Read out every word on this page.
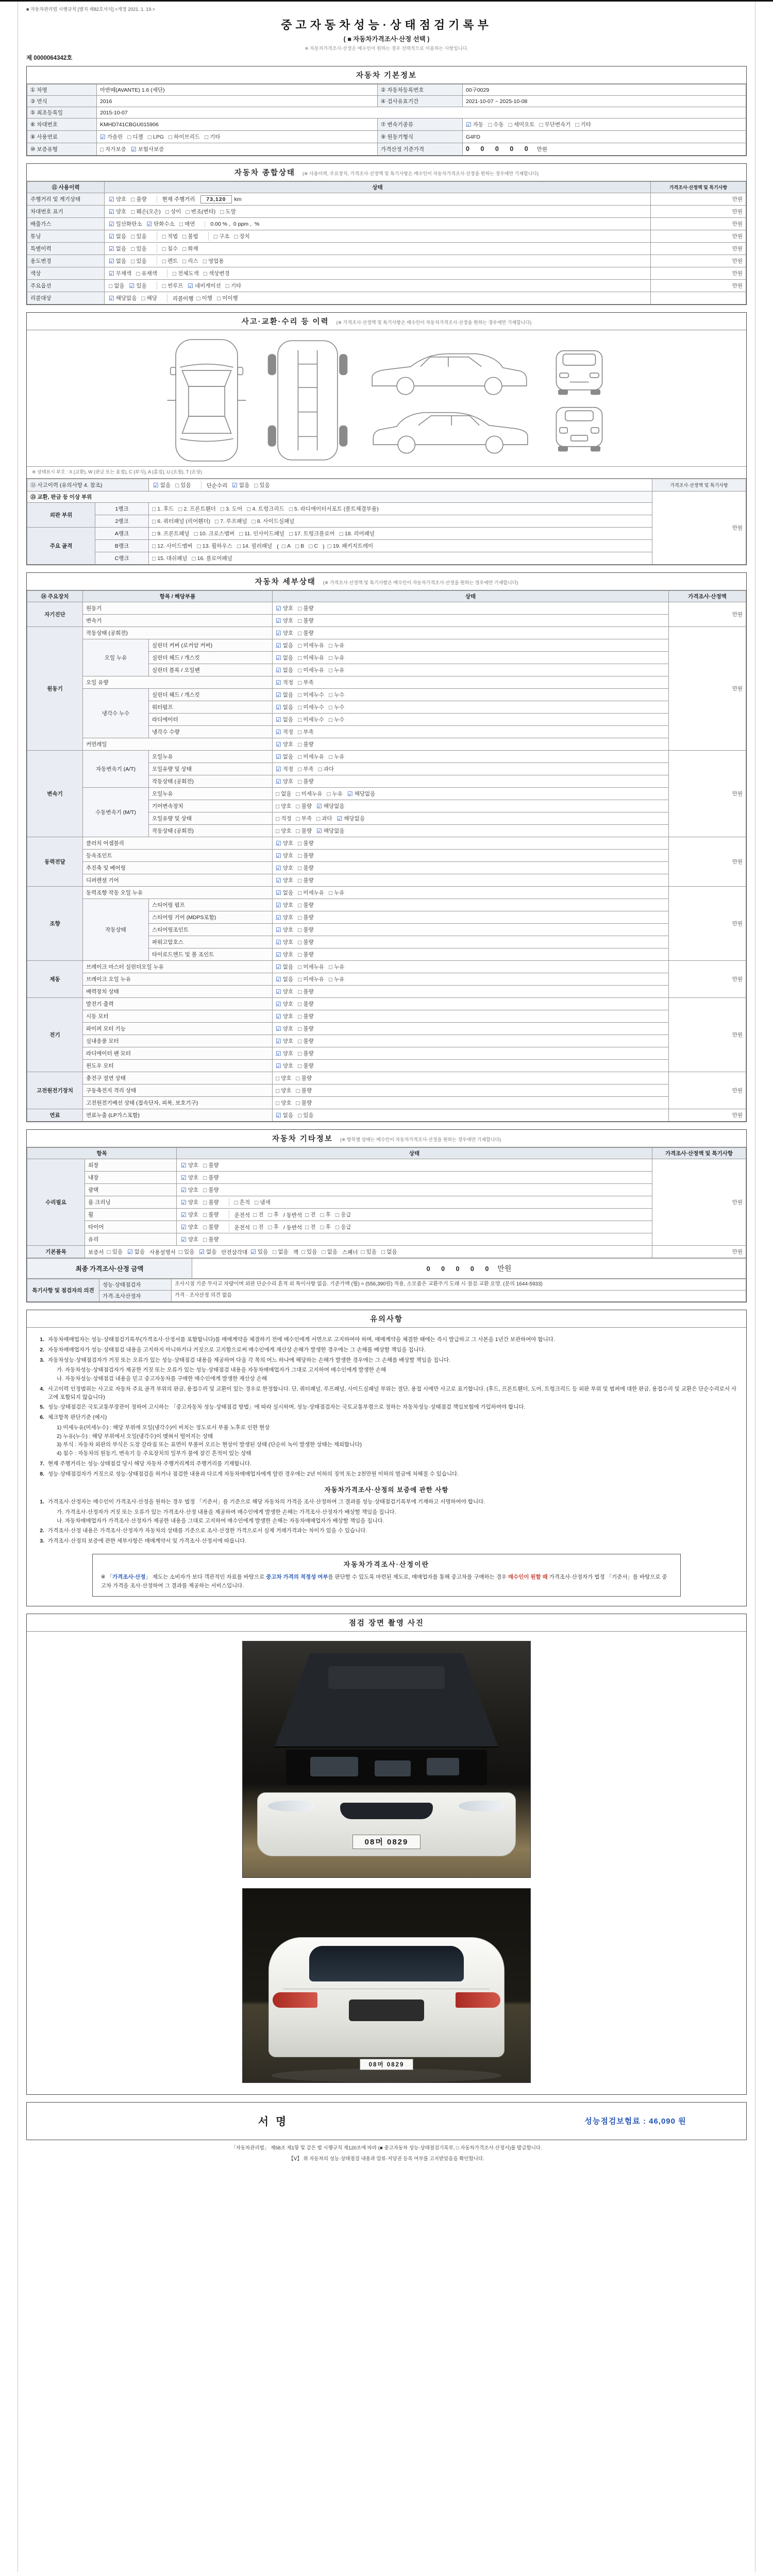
■ 자동차관리법 시행규칙 [별지 제82호서식] <개정 2021. 1. 19.>
중고자동차성능·상태점검기록부
( ■ 자동차가격조사·산정 선택 )
※ 자동차가격조사·산정은 매수인이 원하는 경우 선택적으로 이용하는 사항입니다.
제 0000064342호
자동차 기본정보
① 차명	아반떼(AVANTE) 1.6 (세단)	② 자동차등록번호	00구0029
③ 연식	2016	④ 검사유효기간	2021-10-07 ~ 2025-10-08
⑤ 최초등록일	2015-10-07		
⑥ 차대번호	KMHD741CBGU015906	⑦ 변속기종류	☑ 자동 □ 수동 □ 세미오토 □ 무단변속기 □ 기타
⑧ 사용연료	☑ 가솔린 □ 디젤 □ LPG □ 하이브리드 □ 기타	⑨ 원동기형식	G4FD
⑩ 보증유형	□ 자가보증 ☑ 보험사보증	가격산정 기준가격	0 0 0 0 0 만원
자동차 종합상태 (※ 사용이력, 주요장치, 가격조사·산정액 및 특기사항은 매수인이 자동차가격조사·산정을 원하는 경우에만 기재합니다)
⑪ 사용이력	상태	가격조사·산정액 및 특기사항
주행거리 및 계기상태	☑ 양호 □ 불량 현재 주행거리 73,120 km	만원
차대번호 표기	☑ 양호 □ 훼손(오손) □ 상이 □ 변조(변타) □ 도말	만원
배출가스	☑ 일산화탄소 ☑ 탄화수소 □ 매연	0.00 % , 0 ppm , %	만원
튜닝	☑ 없음 □ 있음	□ 적법 □ 불법	□ 구조 □ 장치	만원
특별이력	☑ 없음 □ 있음	□ 침수 □ 화재	만원
용도변경	☑ 없음 □ 있음	□ 렌트 □ 리스 □ 영업용	만원
색상	☑ 무채색 □ 유채색	□ 전체도색 □ 색상변경	만원
주요옵션	□ 없음 ☑ 있음	□ 썬루프 ☑ 네비게이션 □ 기타	만원
리콜대상	☑ 해당없음 □ 해당	리콜이행 □ 이행 □ 미이행

사고·교환·수리 등 이력 (※ 가격조사·산정액 및 특기사항은 매수인이 자동차가격조사·산정을 원하는 경우에만 기재합니다)
※ 상태표시 부호 : X (교환), W (판금 또는 용접), C (부식), A (흠집), U (요철), T (손상)
⑫ 사고이력 (유의사항 4. 참조)	☑ 없음 □ 있음	단순수리 ☑ 없음 □ 있음	가격조사·산정액 및 특기사항
⑬ 교환, 판금 등 이상 부위			만원
외판 부위	1랭크	□ 1. 후드 □ 2. 프론트휀더 □ 3. 도어 □ 4. 트렁크리드 □ 5. 라디에이터서포트 (볼트체결부품)
2랭크	□ 6. 쿼터패널 (리어휀더) □ 7. 루프패널 □ 8. 사이드실패널
주요 골격	A랭크	□ 9. 프론트패널 □ 10. 크로스멤버 □ 11. 인사이드패널 □ 17. 트렁크플로어 □ 18. 리어패널
B랭크	□ 12. 사이드멤버 □ 13. 휠하우스 □ 14. 필러패널 ( □ A □ B □ C ) □ 19. 패키지트레이
	C랭크	□ 15. 대쉬패널 □ 16. 플로어패널	
자동차 세부상태 (※ 가격조사·산정액 및 특기사항은 매수인이 자동차가격조사·산정을 원하는 경우에만 기재합니다)
⑭ 주요장치	항목 / 해당부품		상태	가격조사·산정액
자기진단	원동기		☑ 양호 □ 불량	만원
	변속기		☑ 양호 □ 불량	
원동기	작동상태 (공회전)		☑ 양호 □ 불량	만원
오일 누유	실린더 커버 (로커암 커버)	☑ 없음 □ 미세누유 □ 누유
실린더 헤드 / 개스킷	☑ 없음 □ 미세누유 □ 누유
실린더 블록 / 오일팬	☑ 없음 □ 미세누유 □ 누유
	오일 유량		☑ 적정 □ 부족	
냉각수 누수	실린더 헤드 / 개스킷	☑ 없음 □ 미세누수 □ 누수
워터펌프	☑ 없음 □ 미세누수 □ 누수
라디에이터	☑ 없음 □ 미세누수 □ 누수
		냉각수 수량	☑ 적정 □ 부족	
	커먼레일		☑ 양호 □ 불량	
변속기	자동변속기 (A/T)	오일누유	☑ 없음 □ 미세누유 □ 누유	만원
오일유량 및 상태	☑ 적정 □ 부족 □ 과다
		작동상태 (공회전)	☑ 양호 □ 불량	
수동변속기 (M/T)	오일누유	□ 없음 □ 미세누유 □ 누유 ☑ 해당없음
기어변속장치	□ 양호 □ 불량 ☑ 해당없음
오일유량 및 상태	□ 적정 □ 부족 □ 과다 ☑ 해당없음
작동상태 (공회전)	□ 양호 □ 불량 ☑ 해당없음
동력전달	클러치 어셈블리		☑ 양호 □ 불량	만원
	등속조인트		☑ 양호 □ 불량	
	추진축 및 베어링		☑ 양호 □ 불량	
	디퍼렌셜 기어		☑ 양호 □ 불량	
조향	동력조향 작동 오일 누유	☑ 없음 □ 미세누유 □ 누유	만원
	작동상태	스티어링 펌프	☑ 양호 □ 불량	
		스티어링 기어 (MDPS포함)	☑ 양호 □ 불량	
		스티어링조인트	☑ 양호 □ 불량	
		파워고압호스	☑ 양호 □ 불량	
		타이로드엔드 및 볼 조인트	☑ 양호 □ 불량	
제동	브레이크 마스터 실린더오일 누유	☑ 없음 □ 미세누유 □ 누유	만원
브레이크 오일 누유	☑ 없음 □ 미세누유 □ 누유
	배력장치 상태		☑ 양호 □ 불량	
전기	발전기 출력		☑ 양호 □ 불량	만원
	시동 모터		☑ 양호 □ 불량	
	와이퍼 모터 기능		☑ 양호 □ 불량	
	실내송풍 모터		☑ 양호 □ 불량	
	라디에이터 팬 모터		☑ 양호 □ 불량	
	윈도우 모터		☑ 양호 □ 불량	
고전원전기장치	충전구 절연 상태		□ 양호 □ 불량	만원
	구동축전지 격리 상태		□ 양호 □ 불량	
	고전원전기배선 상태 (접속단자, 피복, 보호기구)		□ 양호 □ 불량	
연료	연료누출 (LP가스포함)		☑ 없음 □ 있음	만원
자동차 기타정보 (※ 항목별 상태는 매수인이 자동차가격조사·산정을 원하는 경우에만 기재합니다)
항목		상태	가격조사·산정액 및 특기사항
수리필요	외장	☑ 양호 □ 불량	만원
	내장	☑ 양호 □ 불량	

	광택	☑ 양호 □ 불량	

룸 크리닝	☑ 양호 □ 불량	□ 흔적 □ 냄새

휠	☑ 양호 □ 불량	운전석 □ 전 □ 후 / 동반석 □ 전 □ 후 □ 응급

타이어	☑ 양호 □ 불량	운전석 □ 전 □ 후 / 동반석 □ 전 □ 후 □ 응급

	유리	☑ 양호 □ 불량	

기본품목	보증서 □ 있음 ☑ 없음 사용설명서 □ 있음 ☑ 없음 안전삼각대 ☑ 있음 □ 없음 잭 □ 있음 □ 없음 스패너 □ 있음 □ 없음	만원
최종 가격조사·산정 금액	0 0 0 0 0 만원
특기사항 및 점검자의 의견	성능·상태점검자	조사시점 기준 무사고 차량이며 외판 단순수리 흔적 외 특이사항 없음. 기준가액 (월) = (556,390원) 적용, 소모품은 교환주기 도래 시 점검·교환 요망. (문의 1644-5933)
	가격·조사산정자	가격 · 조사산정 의견 없음
유의사항
1. 자동차매매업자는 성능·상태점검기록부(가격조사·산정서를 포함합니다)를 매매계약을 체결하기 전에 매수인에게 서면으로 고지하여야 하며, 매매계약을 체결한 때에는 즉시 발급하고 그 사본을 1년간 보관하여야 합니다.
2. 자동차매매업자가 성능·상태점검 내용을 고지하지 아니하거나 거짓으로 고지함으로써 매수인에게 재산상 손해가 발생한 경우에는 그 손해를 배상할 책임을 집니다.
3. 자동차성능·상태점검자가 거짓 또는 오류가 있는 성능·상태점검 내용을 제공하여 다음 각 목의 어느 하나에 해당하는 손해가 발생한 경우에는 그 손해를 배상할 책임을 집니다.
가. 자동차성능·상태점검자가 제공한 거짓 또는 오류가 있는 성능·상태점검 내용을 자동차매매업자가 그대로 고지하여 매수인에게 발생한 손해
나. 자동차성능·상태점검 내용을 믿고 중고자동차를 구매한 매수인에게 발생한 재산상 손해
4. 사고이력 인정범위는 사고로 자동차 주요 골격 부위의 판금, 용접수리 및 교환이 있는 경우로 한정합니다. 단, 쿼터패널, 루프패널, 사이드실패널 부위는 절단, 용접 시에만 사고로 표기합니다. (후드, 프론트휀더, 도어, 트렁크리드 등 외판 부위 및 범퍼에 대한 판금, 용접수리 및 교환은 단순수리로서 사고에 포함되지 않습니다)
5. 성능·상태점검은 국토교통부장관이 정하여 고시하는 「중고자동차 성능·상태점검 방법」에 따라 실시하며, 성능·상태점검자는 국토교통부령으로 정하는 자동차성능·상태점검 책임보험에 가입하여야 합니다.
6. 체크항목 판단기준 (예시)
1) 미세누유(미세누수) : 해당 부위에 오일(냉각수)이 비치는 정도로서 부품 노후로 인한 현상
2) 누유(누수) : 해당 부위에서 오일(냉각수)이 맺혀서 떨어지는 상태
3) 부식 : 자동차 외판의 부식은 도장 갈라짐 또는 표면이 부풀어 오르는 현상이 발생된 상태 (단순히 녹이 발생한 상태는 제외합니다)
4) 침수 : 자동차의 원동기, 변속기 등 주요장치의 일부가 물에 잠긴 흔적이 있는 상태
7. 현재 주행거리는 성능·상태점검 당시 해당 자동차 주행거리계의 주행거리를 기재합니다.
8. 성능·상태점검자가 거짓으로 성능·상태점검을 하거나 점검한 내용과 다르게 자동차매매업자에게 알린 경우에는 2년 이하의 징역 또는 2천만원 이하의 벌금에 처해질 수 있습니다.
자동차가격조사·산정의 보증에 관한 사항
1. 가격조사·산정자는 매수인이 가격조사·산정을 원하는 경우 법정 「기준서」를 기준으로 해당 자동차의 가격을 조사·산정하여 그 결과를 성능·상태점검기록부에 기재하고 서명하여야 합니다.
가. 가격조사·산정자가 거짓 또는 오류가 있는 가격조사·산정 내용을 제공하여 매수인에게 발생한 손해는 가격조사·산정자가 배상할 책임을 집니다.
나. 자동차매매업자가 가격조사·산정자가 제공한 내용을 그대로 고지하여 매수인에게 발생한 손해는 자동차매매업자가 배상할 책임을 집니다.
2. 가격조사·산정 내용은 가격조사·산정자가 자동차의 상태를 기준으로 조사·산정한 가격으로서 실제 거래가격과는 차이가 있을 수 있습니다.
3. 가격조사·산정의 보증에 관한 세부사항은 매매계약서 및 가격조사·산정서에 따릅니다.
자동차가격조사·산정이란

※ 「가격조사·산정」 제도는 소비자가 보다 객관적인 자료를 바탕으로 중고차 가격의 적정성 여부를 판단할 수 있도록 마련된 제도로, 매매업자를 통해 중고차를 구매하는 경우 매수인이 원할 때 가격조사·산정자가 법정 「기준서」를 바탕으로 중고차 가격을 조사·산정하여 그 결과를 제공하는 서비스입니다.

점검 장면 촬영 사진
08머 0829
08머 0829
서명	성능점검보험료 : 46,090 원
「자동차관리법」 제58조 제1항 및 같은 법 시행규칙 제120조에 따라 (■ 중고자동차 성능·상태점검기록부, □ 자동차가격조사·산정서)를 발급합니다.
【Ⅴ】 위 자동차의 성능·상태점검 내용과 압류·저당권 등록 여부를 고지받았음을 확인합니다.
